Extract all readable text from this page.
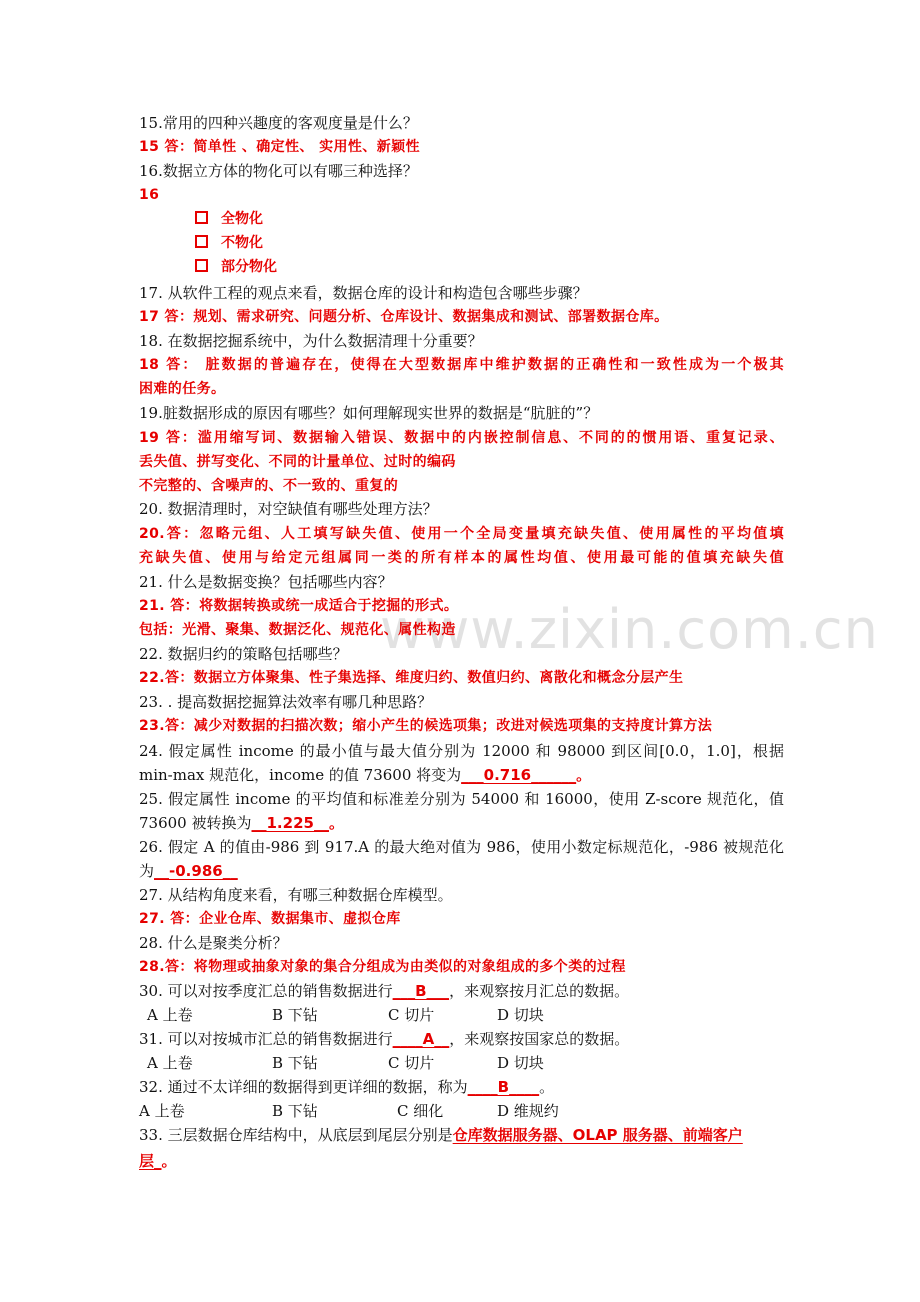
www.zixin.com.cn
15.常用的四种兴趣度的客观度量是什么？
15 答：简单性 、确定性、 实用性、新颖性
16.数据立方体的物化可以有哪三种选择？
16
全物化
不物化
部分物化
17. 从软件工程的观点来看，数据仓库的设计和构造包含哪些步骤？
17 答：规划、需求研究、问题分析、仓库设计、数据集成和测试、部署数据仓库。
18. 在数据挖掘系统中，为什么数据清理十分重要？
18 答： 脏数据的普遍存在，使得在大型数据库中维护数据的正确性和一致性成为一个极其
困难的任务。
19.脏数据形成的原因有哪些？如何理解现实世界的数据是“肮脏的”？
19 答：滥用缩写词、数据输入错误、数据中的内嵌控制信息、不同的的惯用语、重复记录、
丢失值、拼写变化、不同的计量单位、过时的编码
不完整的、含噪声的、不一致的、重复的
20. 数据清理时，对空缺值有哪些处理方法？
20.答：忽略元组、人工填写缺失值、使用一个全局变量填充缺失值、使用属性的平均值填
充缺失值、使用与给定元组属同一类的所有样本的属性均值、使用最可能的值填充缺失值
21. 什么是数据变换？包括哪些内容？
21. 答：将数据转换或统一成适合于挖掘的形式。
包括：光滑、聚集、数据泛化、规范化、属性构造
22. 数据归约的策略包括哪些？
22.答：数据立方体聚集、性子集选择、维度归约、数值归约、离散化和概念分层产生
23. . 提高数据挖掘算法效率有哪几种思路？
23.答：减少对数据的扫描次数；缩小产生的候选项集；改进对候选项集的支持度计算方法
24. 假定属性 income 的最小值与最大值分别为 12000 和 98000 到区间[0.0，1.0]，根据
min-max 规范化，income 的值 73600 将变为___0.716______。
25. 假定属性 income 的平均值和标准差分别为 54000 和 16000，使用 Z-score 规范化，值
73600 被转换为__1.225__。
26. 假定 A 的值由-986 到 917.A 的最大绝对值为 986，使用小数定标规范化，-986 被规范化
为__-0.986__
27. 从结构角度来看，有哪三种数据仓库模型。
27. 答：企业仓库、数据集市、虚拟仓库
28. 什么是聚类分析？
28.答：将物理或抽象对象的集合分组成为由类似的对象组成的多个类的过程
30. 可以对按季度汇总的销售数据进行___B___，来观察按月汇总的数据。
A 上卷	B 下钻	C 切片	D 切块
31. 可以对按城市汇总的销售数据进行____A__，来观察按国家总的数据。
A 上卷	B 下钻	C 切片	D 切块
32. 通过不太详细的数据得到更详细的数据，称为____B____。
A 上卷	B 下钻	C 细化	D 维规约
33. 三层数据仓库结构中，从底层到尾层分别是仓库数据服务器、OLAP 服务器、前端客户
层_。
